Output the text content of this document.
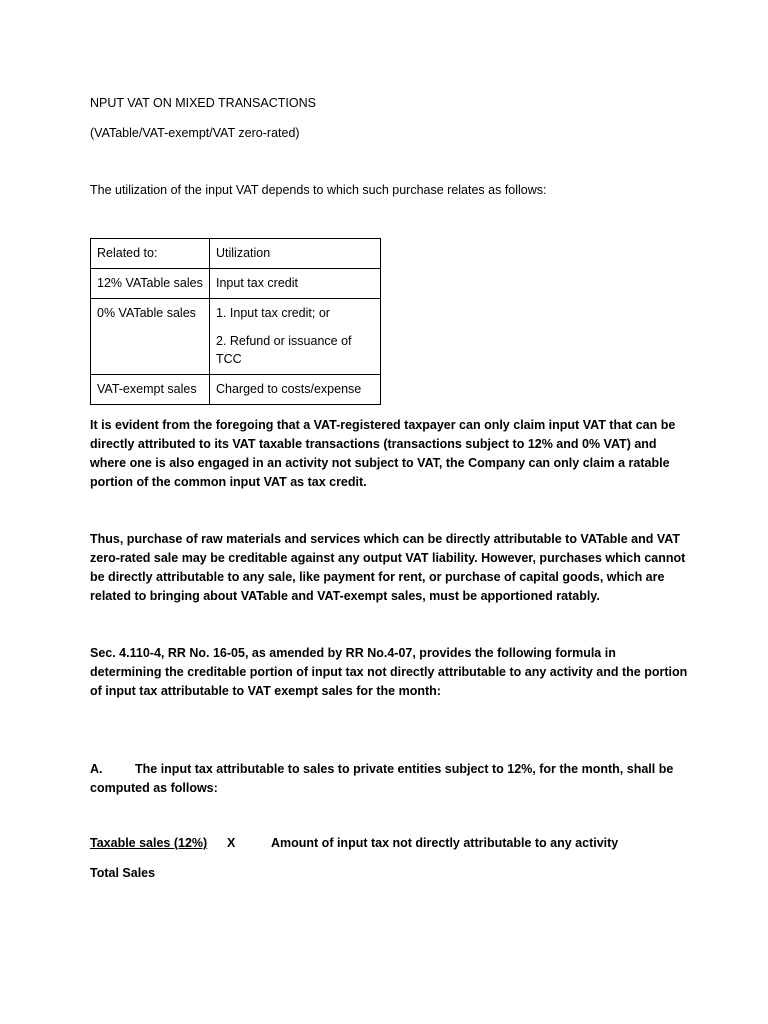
NPUT VAT ON MIXED TRANSACTIONS

(VATable/VAT-exempt/VAT zero-rated)

The utilization of the input VAT depends to which such purchase relates as follows:

Related to:	Utilization
12% VATable sales	Input tax credit
0% VATable sales	1. Input tax credit; or
2. Refund or issuance of TCC

VAT-exempt sales	Charged to costs/expense

It is evident from the foregoing that a VAT-registered taxpayer can only claim input VAT that can be directly attributed to its VAT taxable transactions (transactions subject to 12% and 0% VAT) and where one is also engaged in an activity not subject to VAT, the Company can only claim a ratable portion of the common input VAT as tax credit.

Thus, purchase of raw materials and services which can be directly attributable to VATable and VAT zero-rated sale may be creditable against any output VAT liability. However, purchases which cannot be directly attributable to any sale, like payment for rent, or purchase of capital goods, which are related to bringing about VATable and VAT-exempt sales, must be apportioned ratably.

Sec. 4.110-4, RR No. 16-05, as amended by RR No.4-07, provides the following formula in determining the creditable portion of input tax not directly attributable to any activity and the portion of input tax attributable to VAT exempt sales for the month:

A.	The input tax attributable to sales to private entities subject to 12%, for the month, shall be computed as follows:
Taxable sales (12%) X	Amount of input tax not directly attributable to any activity

Total Sales
